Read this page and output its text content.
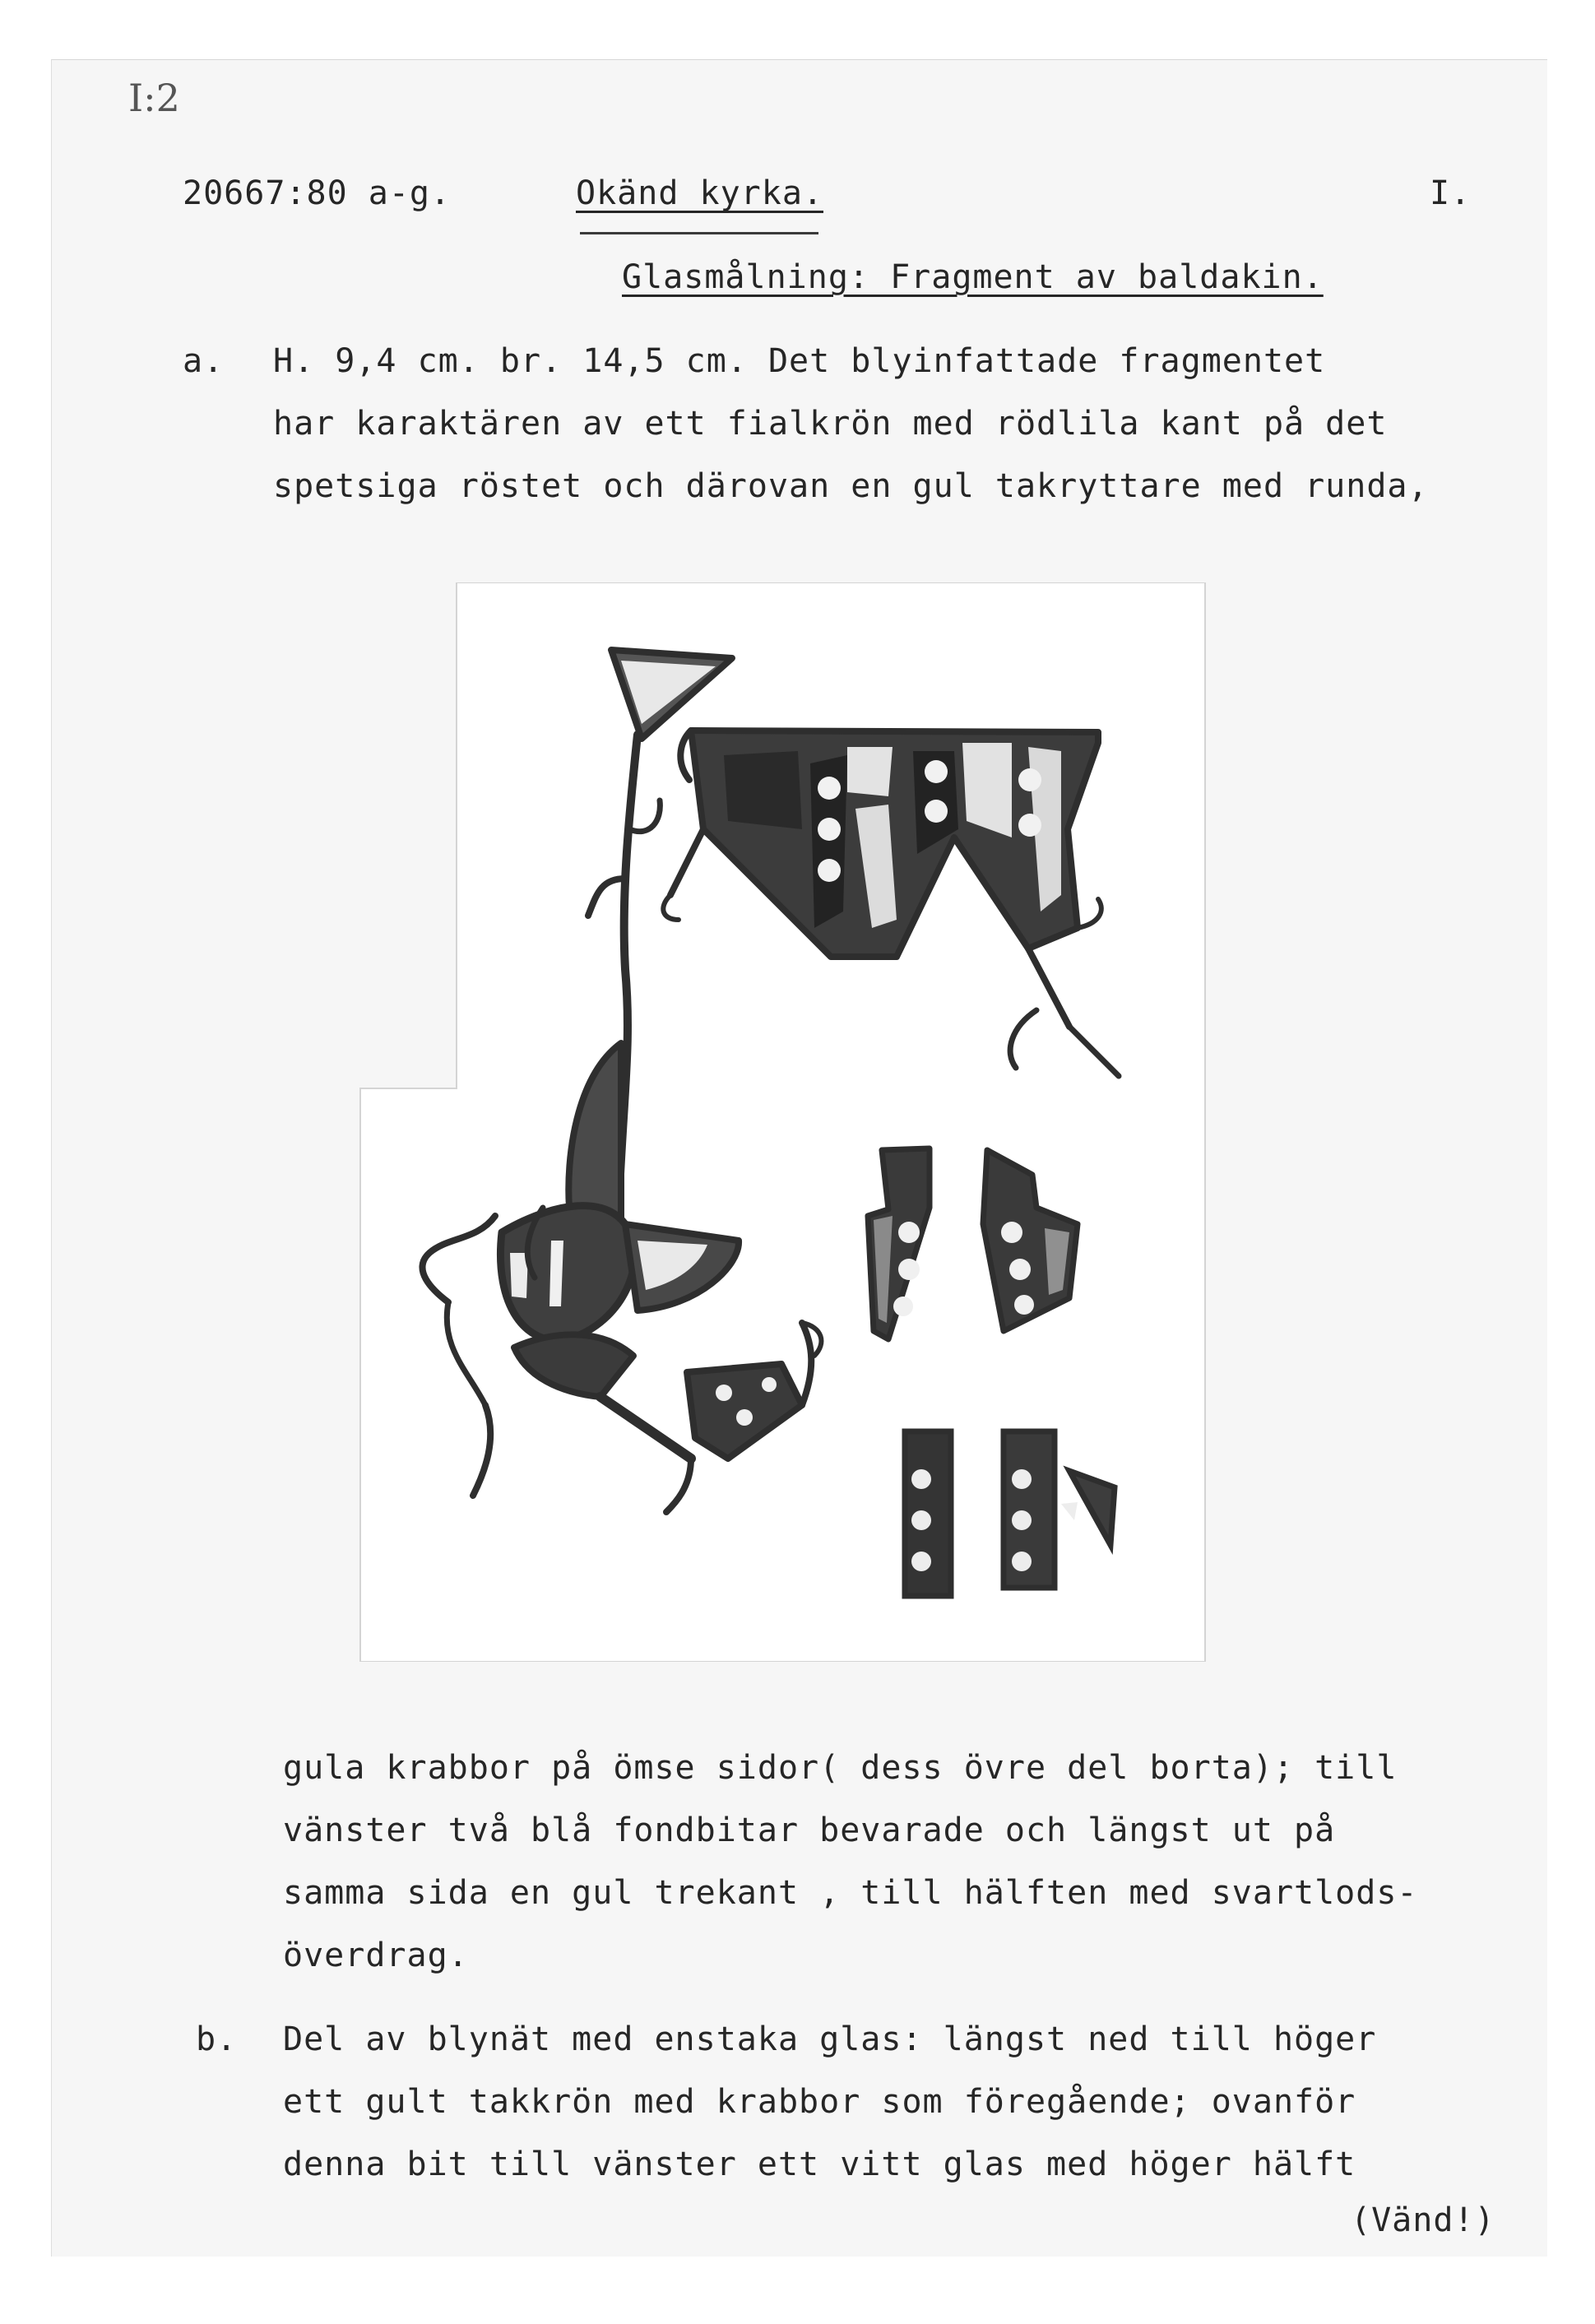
I:2
20667:80 a-g.	Okänd kyrka.	I.
Glasmålning: Fragment av baldakin.
a. H. 9,4 cm. br. 14,5 cm. Det blyinfattade fragmentet
har karaktären av ett fialkrön med rödlila kant på det
spetsiga röstet och därovan en gul takryttare med runda,
gula krabbor på ömse sidor( dess övre del borta); till
vänster två blå fondbitar bevarade och längst ut på
samma sida en gul trekant , till hälften med svartlods-
överdrag.
b. Del av blynät med enstaka glas: längst ned till höger
ett gult takkrön med krabbor som föregående; ovanför
denna bit till vänster ett vitt glas med höger hälft
(Vänd!)
